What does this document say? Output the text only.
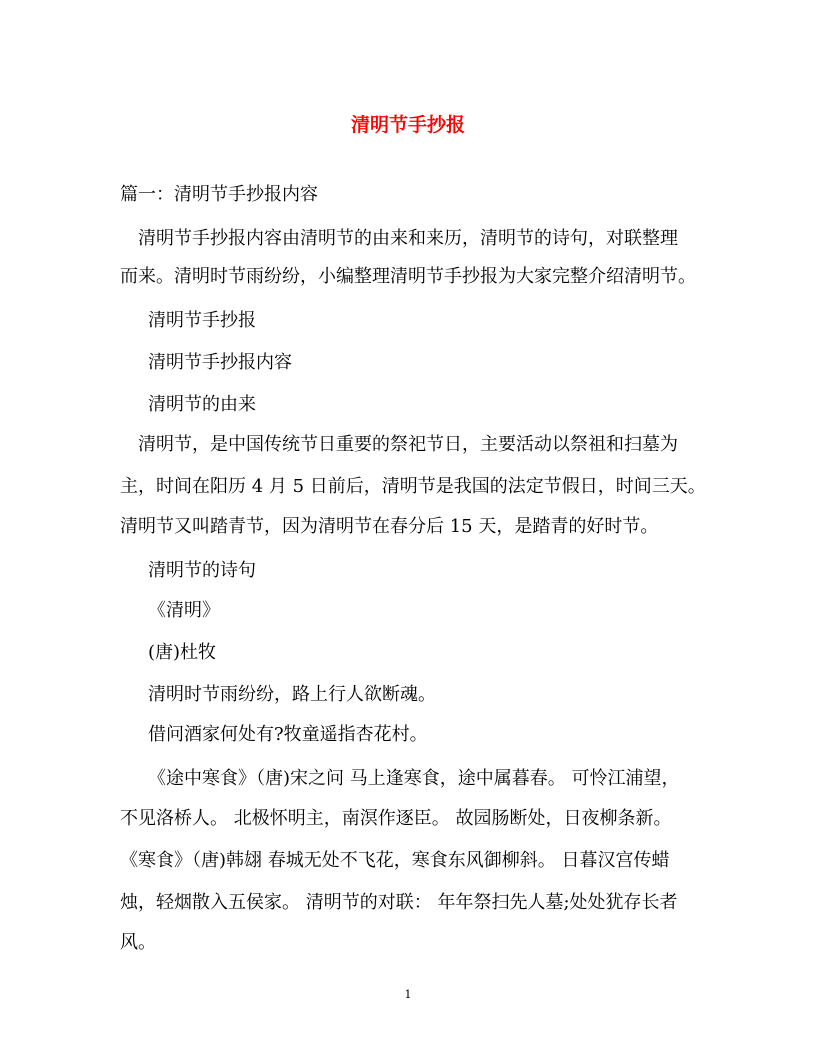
清明节手抄报
篇一：清明节手抄报内容
清明节手抄报内容由清明节的由来和来历，清明节的诗句，对联整理
而来。清明时节雨纷纷，小编整理清明节手抄报为大家完整介绍清明节。
清明节手抄报
清明节手抄报内容
清明节的由来
清明节，是中国传统节日重要的祭祀节日，主要活动以祭祖和扫墓为
主，时间在阳历 4 月 5 日前后，清明节是我国的法定节假日，时间三天。
清明节又叫踏青节，因为清明节在春分后 15 天，是踏青的好时节。
清明节的诗句
《清明》
(唐)杜牧
清明时节雨纷纷，路上行人欲断魂。
借问酒家何处有?牧童遥指杏花村。
《途中寒食》（唐)宋之问 马上逢寒食，途中属暮春。 可怜江浦望，
不见洛桥人。 北极怀明主，南溟作逐臣。 故园肠断处，日夜柳条新。
《寒食》（唐)韩翃 春城无处不飞花，寒食东风御柳斜。 日暮汉宫传蜡
烛，轻烟散入五侯家。 清明节的对联： 年年祭扫先人墓;处处犹存长者
风。
1
